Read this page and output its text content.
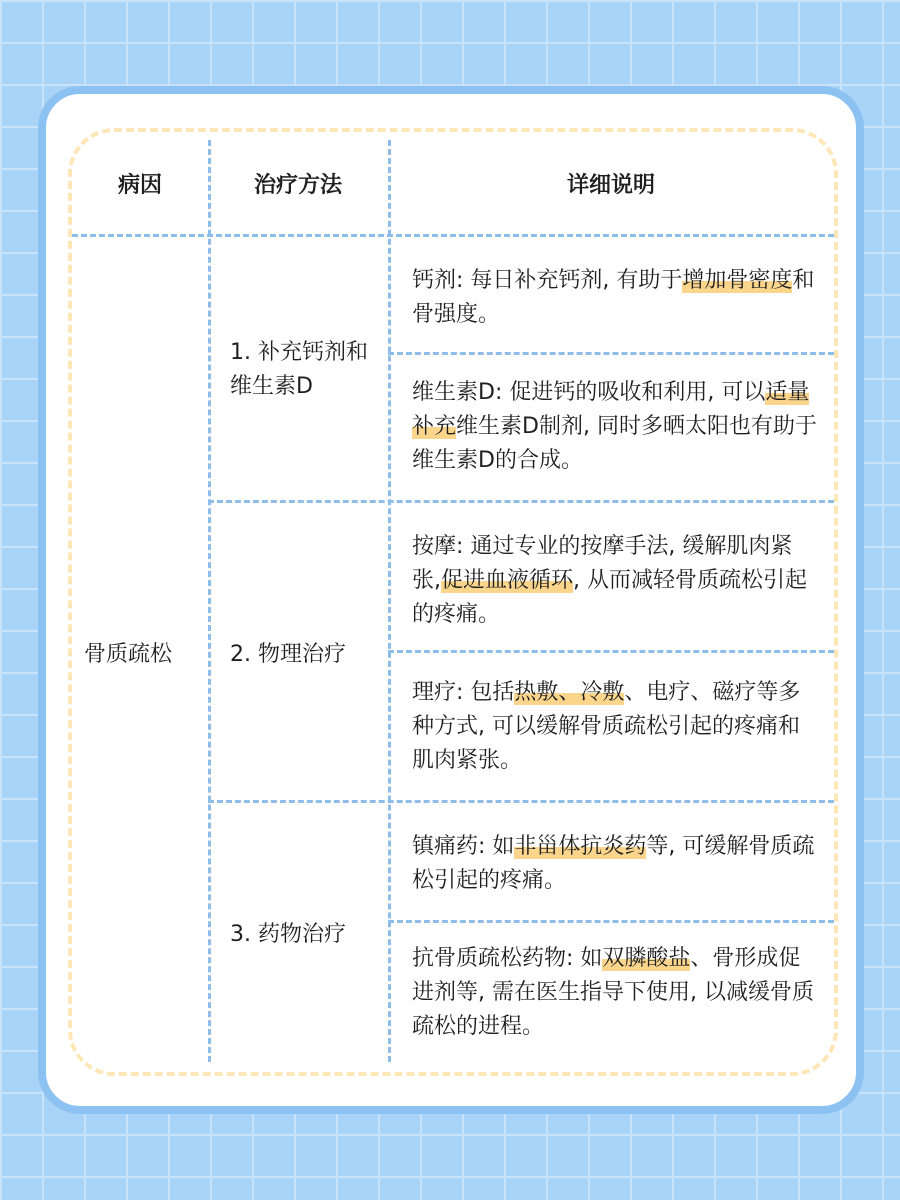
病因	治疗方法	详细说明
骨质疏松
1. 补充钙剂和维生素D
2. 物理治疗
3. 药物治疗
钙剂: 每日补充钙剂, 有助于增加骨密度和骨强度。
维生素D: 促进钙的吸收和利用, 可以适量补充维生素D制剂, 同时多晒太阳也有助于维生素D的合成。
按摩: 通过专业的按摩手法, 缓解肌肉紧张,促进血液循环, 从而减轻骨质疏松引起的疼痛。
理疗: 包括热敷、冷敷、电疗、磁疗等多种方式, 可以缓解骨质疏松引起的疼痛和肌肉紧张。
镇痛药: 如非甾体抗炎药等, 可缓解骨质疏松引起的疼痛。
抗骨质疏松药物: 如双膦酸盐、骨形成促进剂等, 需在医生指导下使用, 以减缓骨质疏松的进程。
